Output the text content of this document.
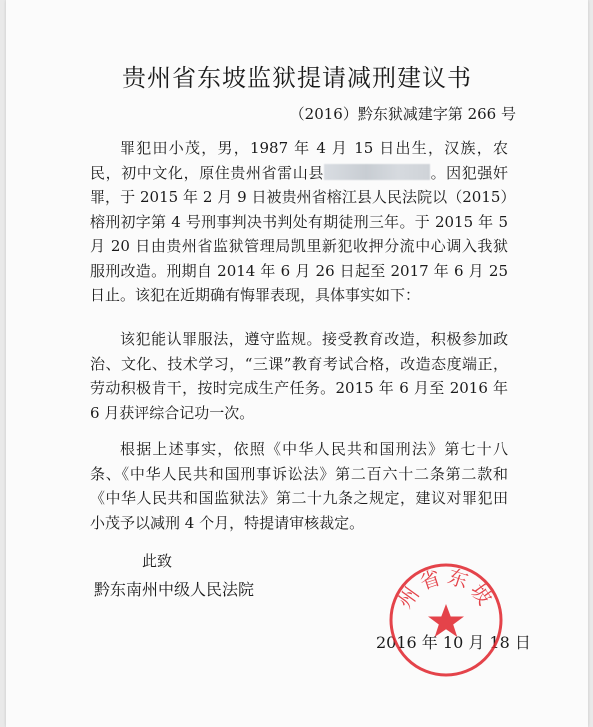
贵州省东坡监狱提请减刑建议书
（2016）黔东狱减建字第 266 号

罪犯田小茂，男，1987 年 4 月 15 日出生，汉族，农民，初中文化，原住贵州省雷山县	。因犯强奸罪，于 2015 年 2 月 9 日被贵州省榕江县人民法院以（2015）榕刑初字第 4 号刑事判决书判处有期徒刑三年。于 2015 年 5 月 20 日由贵州省监狱管理局凯里新犯收押分流中心调入我狱服刑改造。刑期自 2014 年 6 月 26 日起至 2017 年 6 月 25 日止。该犯在近期确有悔罪表现，具体事实如下：

该犯能认罪服法，遵守监规。接受教育改造，积极参加政治、文化、技术学习，“三课”教育考试合格，改造态度端正，劳动积极肯干，按时完成生产任务。2015 年 6 月至 2016 年 6 月获评综合记功一次。

根据上述事实，依照《中华人民共和国刑法》第七十八条、《中华人民共和国刑事诉讼法》第二百六十二条第二款和《中华人民共和国监狱法》第二十九条之规定，建议对罪犯田小茂予以减刑 4 个月，特提请审核裁定。

此致
黔东南州中级人民法院
2016 年 10 月 18 日
州省东坡
